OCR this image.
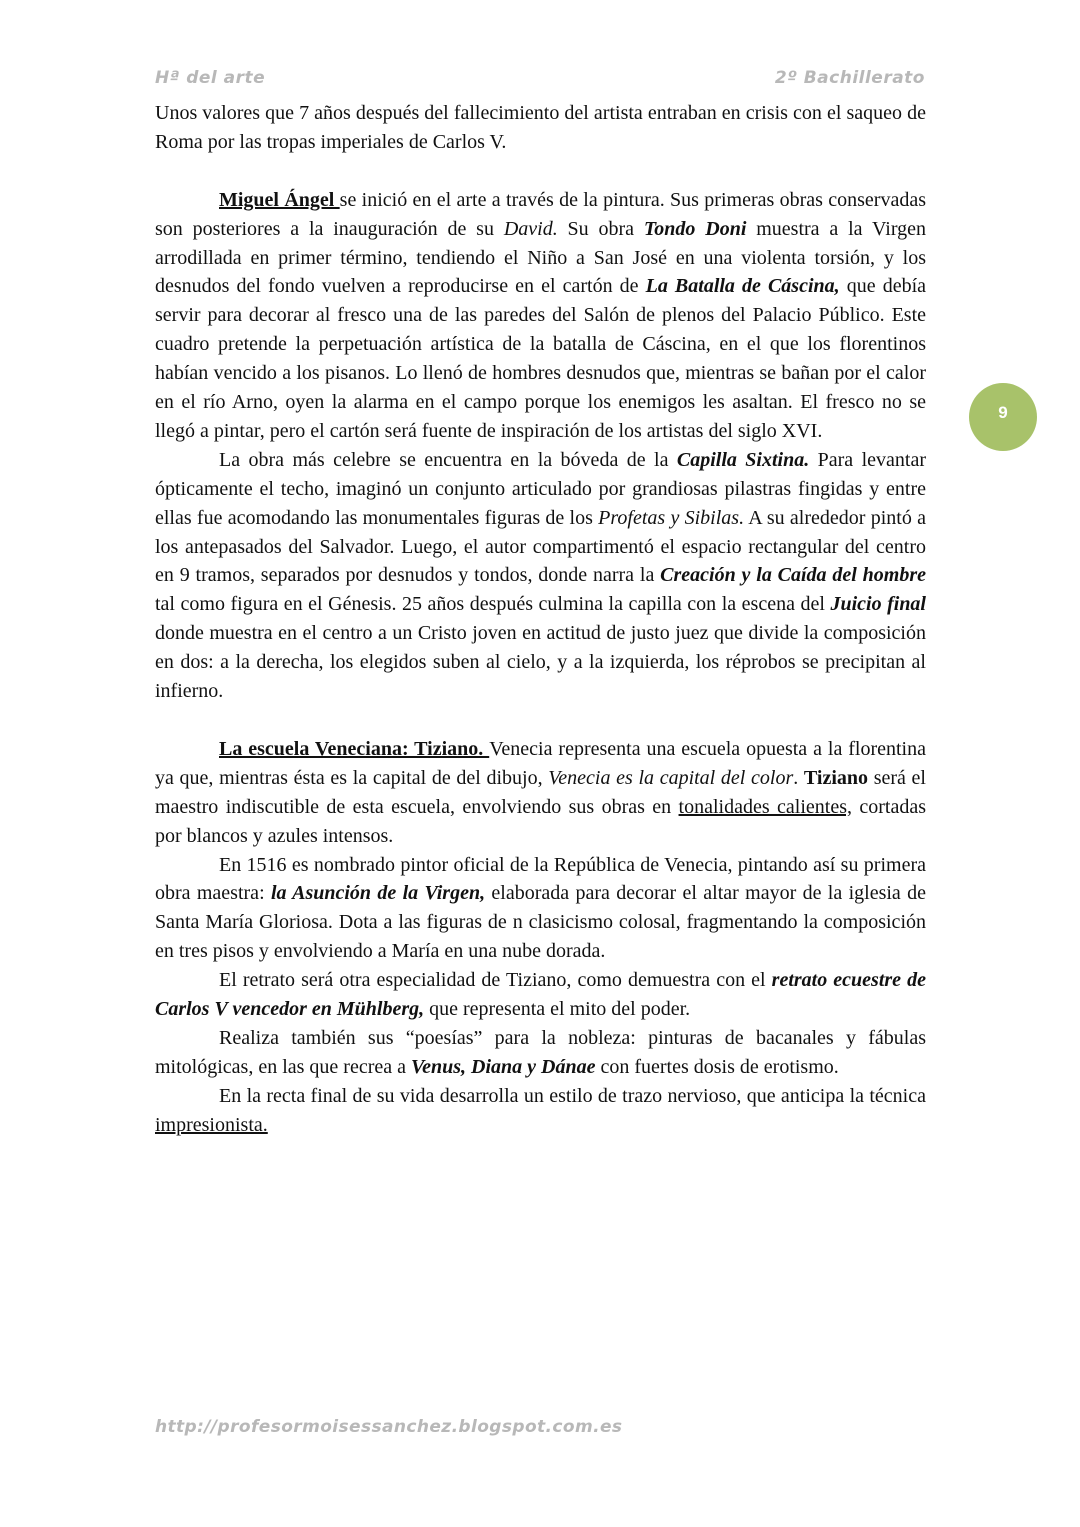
Hª del arte	2º Bachillerato

Unos valores que 7 años después del fallecimiento del artista entraban en crisis con el saqueo de Roma por las tropas imperiales de Carlos V.

Miguel Ángel se inició en el arte a través de la pintura. Sus primeras obras conservadas son posteriores a la inauguración de su David. Su obra Tondo Doni muestra a la Virgen arrodillada en primer término, tendiendo el Niño a San José en una violenta torsión, y los desnudos del fondo vuelven a reproducirse en el cartón de La Batalla de Cáscina, que debía servir para decorar al fresco una de las paredes del Salón de plenos del Palacio Público. Este cuadro pretende la perpetuación artística de la batalla de Cáscina, en el que los florentinos habían vencido a los pisanos. Lo llenó de hombres desnudos que, mientras se bañan por el calor en el río Arno, oyen la alarma en el campo porque los enemigos les asaltan. El fresco no se llegó a pintar, pero el cartón será fuente de inspiración de los artistas del siglo XVI.

La obra más celebre se encuentra en la bóveda de la Capilla Sixtina. Para levantar ópticamente el techo, imaginó un conjunto articulado por grandiosas pilastras fingidas y entre ellas fue acomodando las monumentales figuras de los Profetas y Sibilas. A su alrededor pintó a los antepasados del Salvador. Luego, el autor compartimentó el espacio rectangular del centro en 9 tramos, separados por desnudos y tondos, donde narra la Creación y la Caída del hombre tal como figura en el Génesis. 25 años después culmina la capilla con la escena del Juicio final donde muestra en el centro a un Cristo joven en actitud de justo juez que divide la composición en dos: a la derecha, los elegidos suben al cielo, y a la izquierda, los réprobos se precipitan al infierno.

La escuela Veneciana: Tiziano. Venecia representa una escuela opuesta a la florentina ya que, mientras ésta es la capital de del dibujo, Venecia es la capital del color. Tiziano será el maestro indiscutible de esta escuela, envolviendo sus obras en tonalidades calientes, cortadas por blancos y azules intensos.

En 1516 es nombrado pintor oficial de la República de Venecia, pintando así su primera obra maestra: la Asunción de la Virgen, elaborada para decorar el altar mayor de la iglesia de Santa María Gloriosa. Dota a las figuras de n clasicismo colosal, fragmentando la composición en tres pisos y envolviendo a María en una nube dorada.

El retrato será otra especialidad de Tiziano, como demuestra con el retrato ecuestre de Carlos V vencedor en Mühlberg, que representa el mito del poder.

Realiza también sus “poesías” para la nobleza: pinturas de bacanales y fábulas mitológicas, en las que recrea a Venus, Diana y Dánae con fuertes dosis de erotismo.

En la recta final de su vida desarrolla un estilo de trazo nervioso, que anticipa la técnica impresionista.

9
http://profesormoisessanchez.blogspot.com.es
